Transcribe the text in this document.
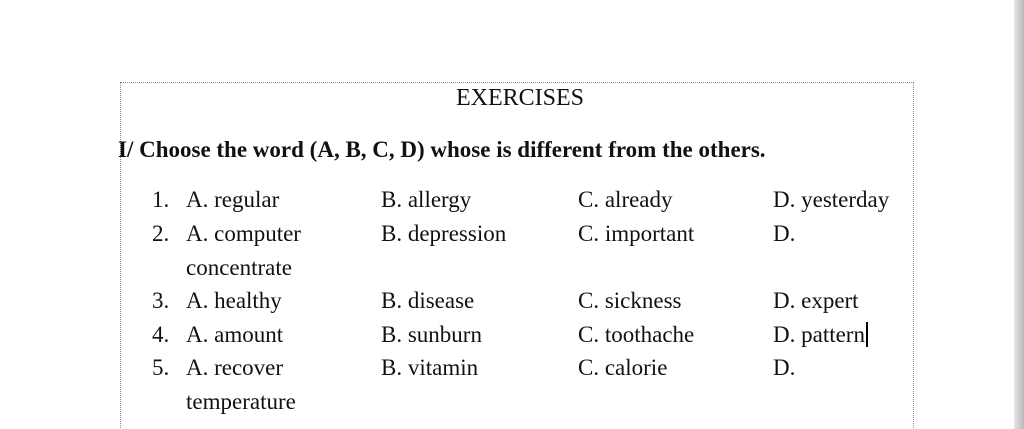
EXERCISES
I/ Choose the word (A, B, C, D) whose is different from the others.
1. A. regular	B. allergy	C. already	D. yesterday
2. A. computer	B. depression	C. important	D.
concentrate
3. A. healthy	B. disease	C. sickness	D. expert
4. A. amount	B. sunburn	C. toothache	D. pattern
5. A. recover	B. vitamin	C. calorie	D.
temperature
